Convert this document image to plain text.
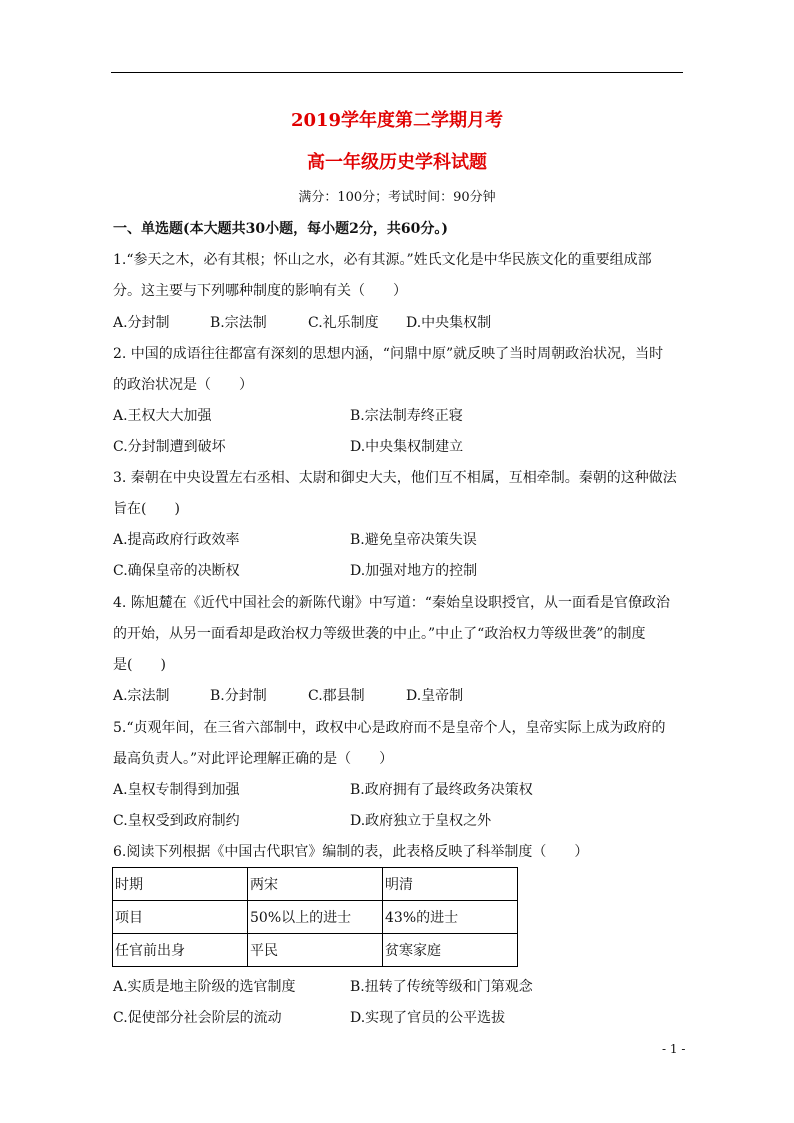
2019学年度第二学期月考
高一年级历史学科试题
满分：100分；考试时间：90分钟
一、单选题(本大题共30小题，每小题2分，共60分。)
1.“参天之木，必有其根；怀山之水，必有其源。”姓氏文化是中华民族文化的重要组成部
分。这主要与下列哪种制度的影响有关（　　）
A.分封制	B.宗法制	C.礼乐制度 D.中央集权制
2. 中国的成语往往都富有深刻的思想内涵，“问鼎中原”就反映了当时周朝政治状况，当时
的政治状况是（　　）
A.王权大大加强	B.宗法制寿终正寝
C.分封制遭到破坏	D.中央集权制建立
3. 秦朝在中央设置左右丞相、太尉和御史大夫，他们互不相属，互相牵制。秦朝的这种做法
旨在(　　)
A.提高政府行政效率	B.避免皇帝决策失误
C.确保皇帝的决断权	D.加强对地方的控制
4. 陈旭麓在《近代中国社会的新陈代谢》中写道：“秦始皇设职授官，从一面看是官僚政治
的开始，从另一面看却是政治权力等级世袭的中止。”中止了“政治权力等级世袭”的制度
是(　　)
A.宗法制	B.分封制	C.郡县制	D.皇帝制
5.“贞观年间，在三省六部制中，政权中心是政府而不是皇帝个人，皇帝实际上成为政府的
最高负责人。”对此评论理解正确的是（　　）
A.皇权专制得到加强	B.政府拥有了最终政务决策权
C.皇权受到政府制约	D.政府独立于皇权之外
6.阅读下列根据《中国古代职官》编制的表，此表格反映了科举制度（　　）
时期	两宋	明清
项目	50%以上的进士	43%的进士
任官前出身	平民	贫寒家庭
A.实质是地主阶级的选官制度	B.扭转了传统等级和门第观念
C.促使部分社会阶层的流动	D.实现了官员的公平选拔
- 1 -
